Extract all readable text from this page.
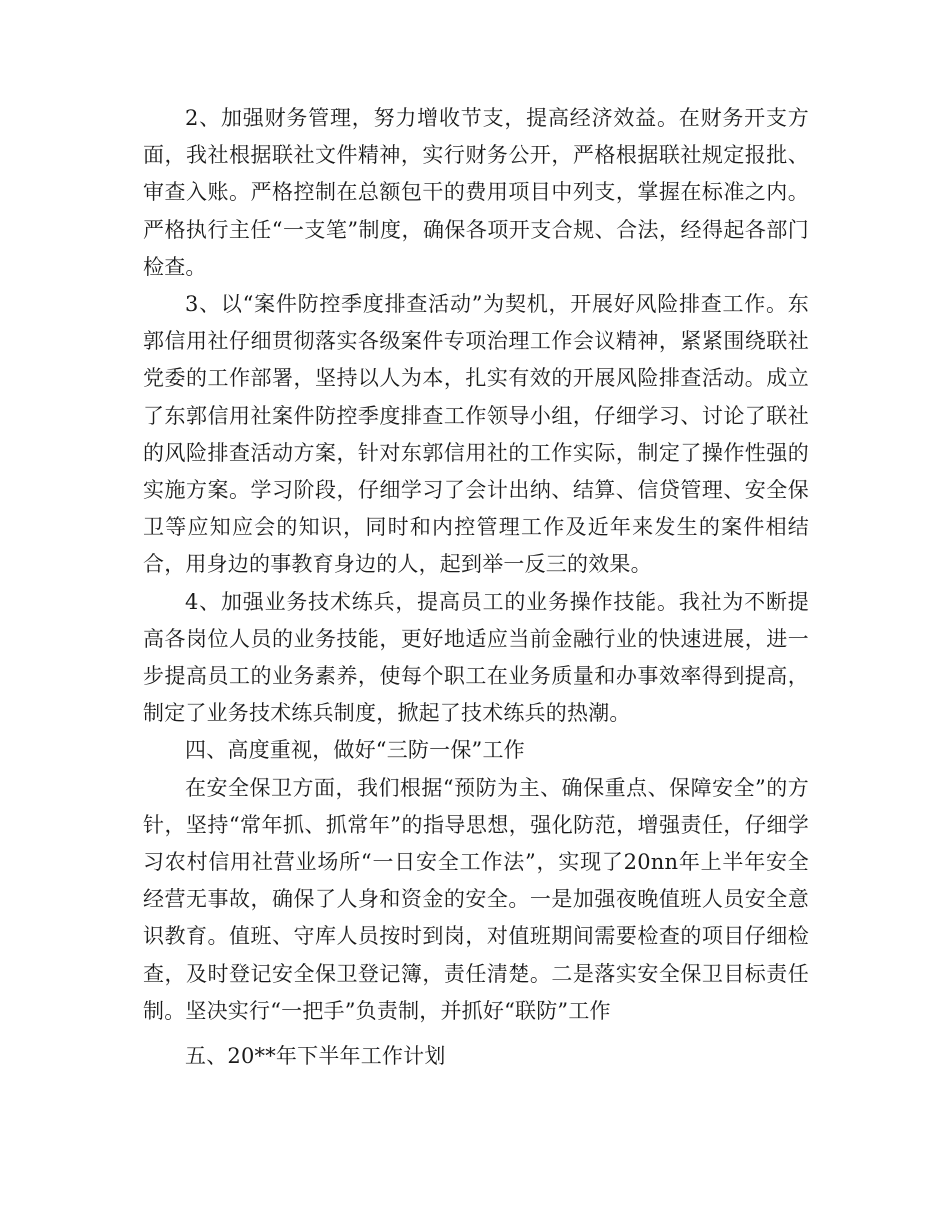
2、加强财务管理，努力增收节支，提高经济效益。在财务开支方面，我社根据联社文件精神，实行财务公开，严格根据联社规定报批、审查入账。严格控制在总额包干的费用项目中列支，掌握在标准之内。严格执行主任“一支笔”制度，确保各项开支合规、合法，经得起各部门检查。

3、以“案件防控季度排查活动”为契机，开展好风险排查工作。东郭信用社仔细贯彻落实各级案件专项治理工作会议精神，紧紧围绕联社党委的工作部署，坚持以人为本，扎实有效的开展风险排查活动。成立了东郭信用社案件防控季度排查工作领导小组，仔细学习、讨论了联社的风险排查活动方案，针对东郭信用社的工作实际，制定了操作性强的实施方案。学习阶段，仔细学习了会计出纳、结算、信贷管理、安全保卫等应知应会的知识，同时和内控管理工作及近年来发生的案件相结合，用身边的事教育身边的人，起到举一反三的效果。

4、加强业务技术练兵，提高员工的业务操作技能。我社为不断提高各岗位人员的业务技能，更好地适应当前金融行业的快速进展，进一步提高员工的业务素养，使每个职工在业务质量和办事效率得到提高，制定了业务技术练兵制度，掀起了技术练兵的热潮。

四、高度重视，做好“三防一保”工作

在安全保卫方面，我们根据“预防为主、确保重点、保障安全”的方针，坚持“常年抓、抓常年”的指导思想，强化防范，增强责任，仔细学习农村信用社营业场所“一日安全工作法”，实现了20nn年上半年安全经营无事故，确保了人身和资金的安全。一是加强夜晚值班人员安全意识教育。值班、守库人员按时到岗，对值班期间需要检查的项目仔细检查，及时登记安全保卫登记簿，责任清楚。二是落实安全保卫目标责任制。坚决实行“一把手”负责制，并抓好“联防”工作

五、20**年下半年工作计划
